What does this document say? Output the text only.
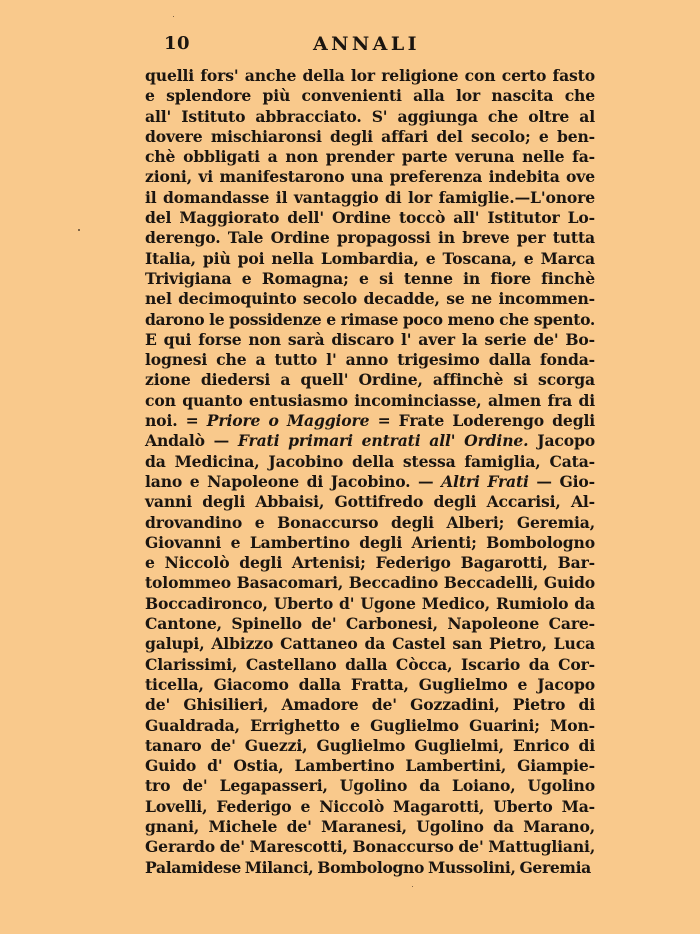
10	ANNALI
quelli fors' anche della lor religione con certo fasto
e splendore più convenienti alla lor nascita che
all' Istituto abbracciato. S' aggiunga che oltre al
dovere mischiaronsi degli affari del secolo; e ben-
chè obbligati a non prender parte veruna nelle fa-
zioni, vi manifestarono una preferenza indebita ove
il domandasse il vantaggio di lor famiglie.—L'onore
del Maggiorato dell' Ordine toccò all' Istitutor Lo-
derengo. Tale Ordine propagossi in breve per tutta
Italia, più poi nella Lombardia, e Toscana, e Marca
Trivigiana e Romagna; e si tenne in fiore finchè
nel decimoquinto secolo decadde, se ne incommen-
darono le possidenze e rimase poco meno che spento.
E qui forse non sarà discaro l' aver la serie de' Bo-
lognesi che a tutto l' anno trigesimo dalla fonda-
zione diedersi a quell' Ordine, affinchè si scorga
con quanto entusiasmo incominciasse, almen fra di
noi. = Priore o Maggiore = Frate Loderengo degli
Andalò — Frati primari entrati all' Ordine. Jacopo
da Medicina, Jacobino della stessa famiglia, Cata-
lano e Napoleone di Jacobino. — Altri Frati — Gio-
vanni degli Abbaisi, Gottifredo degli Accarisi, Al-
drovandino e Bonaccurso degli Alberi; Geremia,
Giovanni e Lambertino degli Arienti; Bombologno
e Niccolò degli Artenisi; Federigo Bagarotti, Bar-
tolommeo Basacomari, Beccadino Beccadelli, Guido
Boccadironco, Uberto d' Ugone Medico, Rumiolo da
Cantone, Spinello de' Carbonesi, Napoleone Care-
galupi, Albizzo Cattaneo da Castel san Pietro, Luca
Clarissimi, Castellano dalla Còcca, Iscario da Cor-
ticella, Giacomo dalla Fratta, Guglielmo e Jacopo
de' Ghisilieri, Amadore de' Gozzadini, Pietro di
Gualdrada, Errighetto e Guglielmo Guarini; Mon-
tanaro de' Guezzi, Guglielmo Guglielmi, Enrico di
Guido d' Ostia, Lambertino Lambertini, Giampie-
tro de' Legapasseri, Ugolino da Loiano, Ugolino
Lovelli, Federigo e Niccolò Magarotti, Uberto Ma-
gnani, Michele de' Maranesi, Ugolino da Marano,
Gerardo de' Marescotti, Bonaccurso de' Mattugliani,
Palamidese Milanci, Bombologno Mussolini, Geremia
